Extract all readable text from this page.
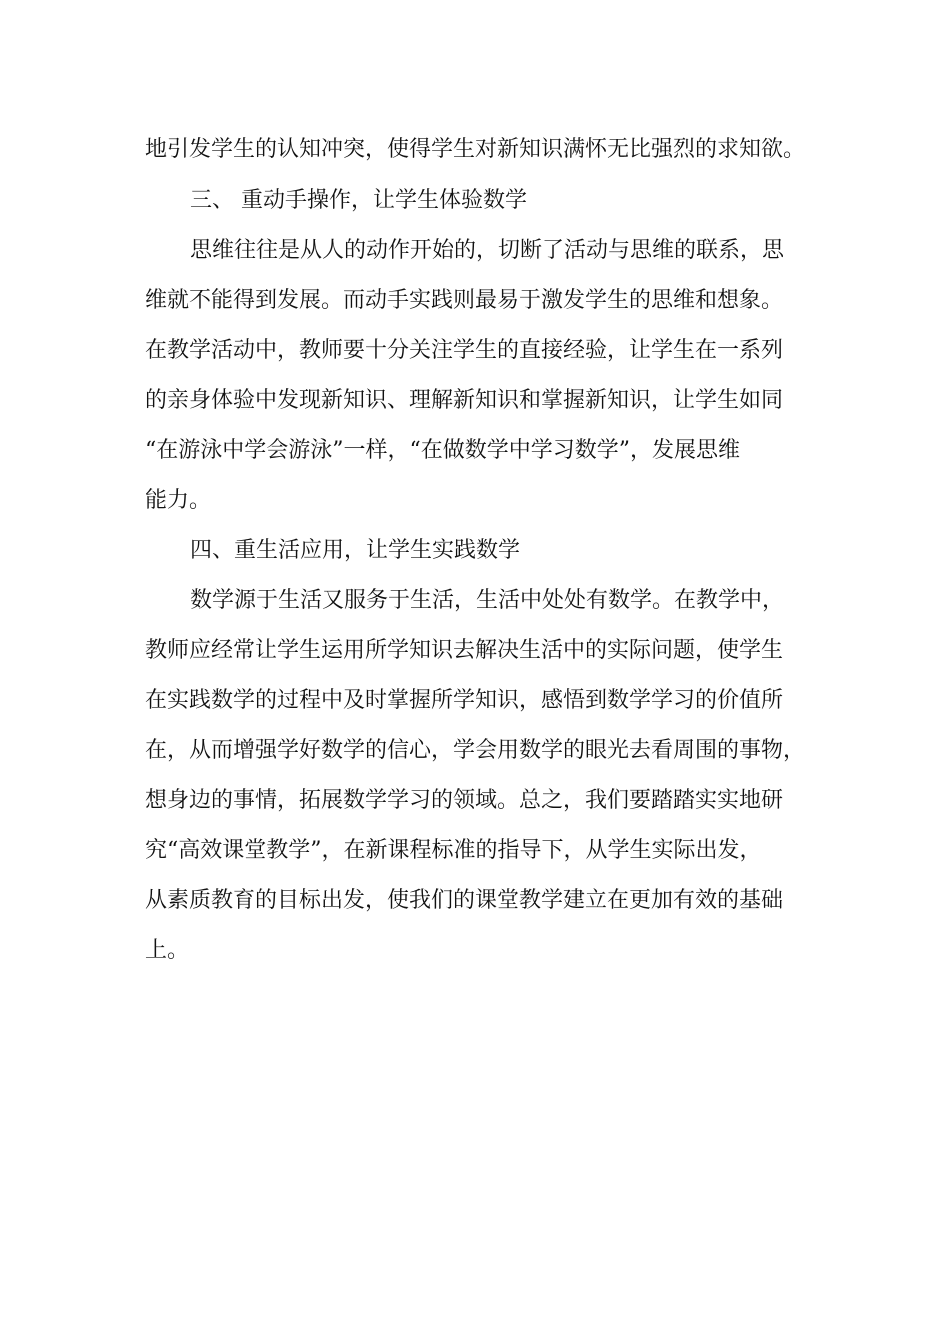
地引发学生的认知冲突，使得学生对新知识满怀无比强烈的求知欲。
三、 重动手操作，让学生体验数学
思维往往是从人的动作开始的，切断了活动与思维的联系，思
维就不能得到发展。而动手实践则最易于激发学生的思维和想象。
在教学活动中，教师要十分关注学生的直接经验，让学生在一系列
的亲身体验中发现新知识、理解新知识和掌握新知识，让学生如同
“在游泳中学会游泳”一样，“在做数学中学习数学”，发展思维
能力。
四、重生活应用，让学生实践数学
数学源于生活又服务于生活，生活中处处有数学。在教学中，
教师应经常让学生运用所学知识去解决生活中的实际问题，使学生
在实践数学的过程中及时掌握所学知识，感悟到数学学习的价值所
在，从而增强学好数学的信心，学会用数学的眼光去看周围的事物，
想身边的事情，拓展数学学习的领域。总之，我们要踏踏实实地研
究“高效课堂教学”，在新课程标准的指导下，从学生实际出发，
从素质教育的目标出发，使我们的课堂教学建立在更加有效的基础
上。
